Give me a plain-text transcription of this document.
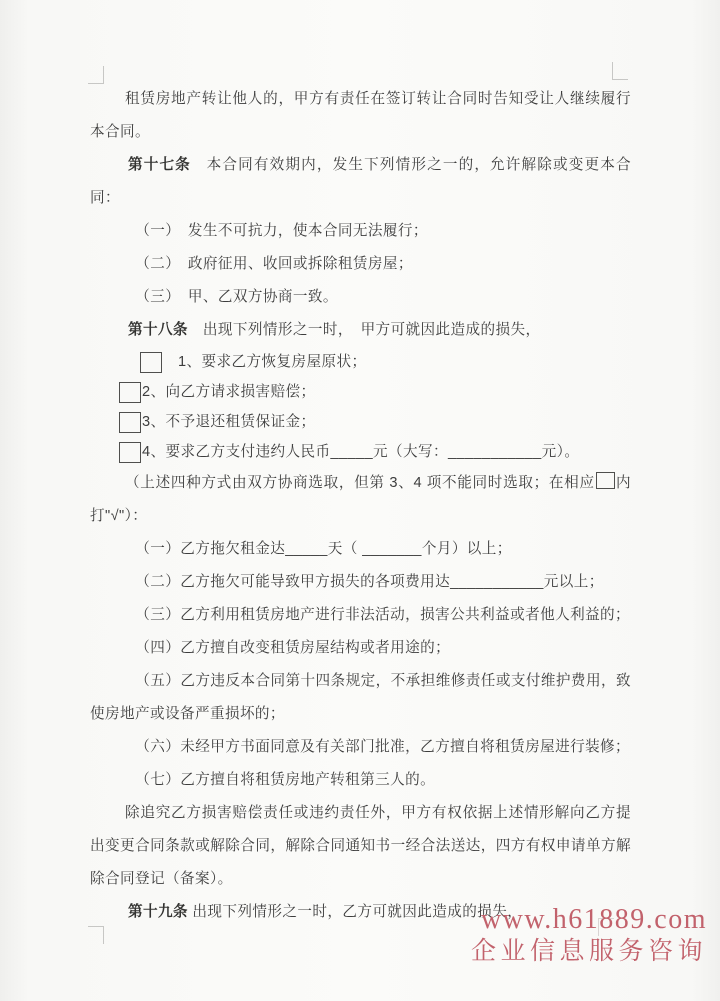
租赁房地产转让他人的，甲方有责任在签订转让合同时告知受让人继续履行本合同。

第十七条　本合同有效期内，发生下列情形之一的，允许解除或变更本合同：

（一）　发生不可抗力，使本合同无法履行；

（二）　政府征用、收回或拆除租赁房屋；

（三）　甲、乙双方协商一致。

第十八条　出现下列情形之一时，　甲方可就因此造成的损失，

1、要求乙方恢复房屋原状；
2、向乙方请求损害赔偿；
3、不予退还租赁保证金；
4、要求乙方支付违约人民币_____元（大写：___________元）。

（上述四种方式由双方协商选取，但第 3、4 项不能同时选取；在相应 内打"√"）：

（一）乙方拖欠租金达_____天（ _______个月）以上；

（二）乙方拖欠可能导致甲方损失的各项费用达___________元以上；

（三）乙方利用租赁房地产进行非法活动，损害公共利益或者他人利益的；

（四）乙方擅自改变租赁房屋结构或者用途的；

（五）乙方违反本合同第十四条规定，不承担维修责任或支付维护费用，致使房地产或设备严重损坏的；

（六）未经甲方书面同意及有关部门批准，乙方擅自将租赁房屋进行装修；

（七）乙方擅自将租赁房地产转租第三人的。

除追究乙方损害赔偿责任或违约责任外，甲方有权依据上述情形解向乙方提出变更合同条款或解除合同，解除合同通知书一经合法送达，四方有权申请单方解除合同登记（备案）。

第十九条 出现下列情形之一时，乙方可就因此造成的损失，

www.h61889.com
企业信息服务咨询
